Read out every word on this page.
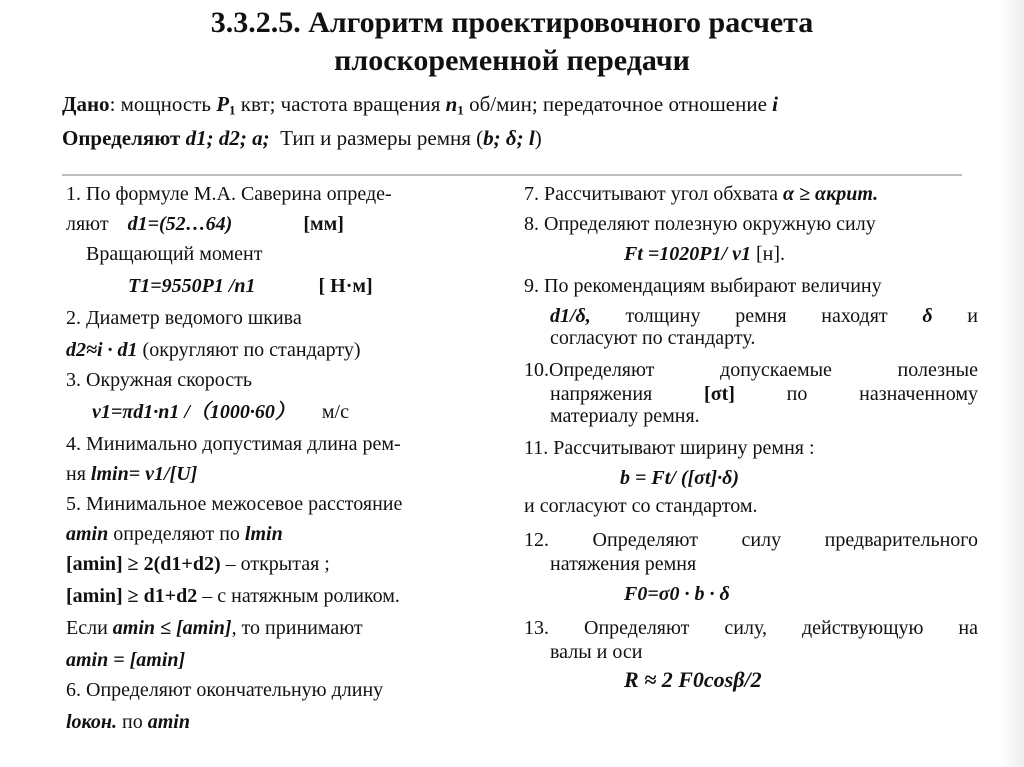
3.3.2.5. Алгоритм проектировочного расчета
плоскоременной передачи
Дано: мощность $P_1$ квт; частота вращения $n_1$ об/мин; передаточное отношение i
Определяют d1; d2; a; Тип и размеры ремня (b; δ; l)
1. По формуле М.А. Саверина опреде-
ляют d1=(52…64)	[мм]
Вращающий момент
T1=9550P1 /n1	[ Н·м]
2. Диаметр ведомого шкива
d2≈i · d1 (округляют по стандарту)
3. Окружная скорость
v1=πd1·n1 /（1000·60） м/с
4. Минимально допустимая длина рем-
ня lmin= v1/[U]
5. Минимальное межосевое расстояние
amin определяют по lmin
[amin] ≥ 2(d1+d2) – открытая ;
[amin] ≥ d1+d2 – с натяжным роликом.
Если amin ≤ [amin], то принимают
amin = [amin]
6. Определяют окончательную длину
lокон. по amin
7. Рассчитывают угол обхвата α ≥ αкрит.
8. Определяют полезную окружную силу
Ft =1020P1/ v1 [н].
9. По рекомендациям выбирают величину
d1/δ, толщину ремня находят δ и
согласуют по стандарту.
10.Определяют допускаемые полезные
напряжения	[σt]	по назначенному
материалу ремня.
11. Рассчитывают ширину ремня :
b = Ft/ ([σt]·δ)
и согласуют со стандартом.
12. Определяют силу предварительного
натяжения ремня
F0=σ0 · b · δ
13. Определяют силу, действующую на
валы и оси
R ≈ 2 F0cosβ/2
